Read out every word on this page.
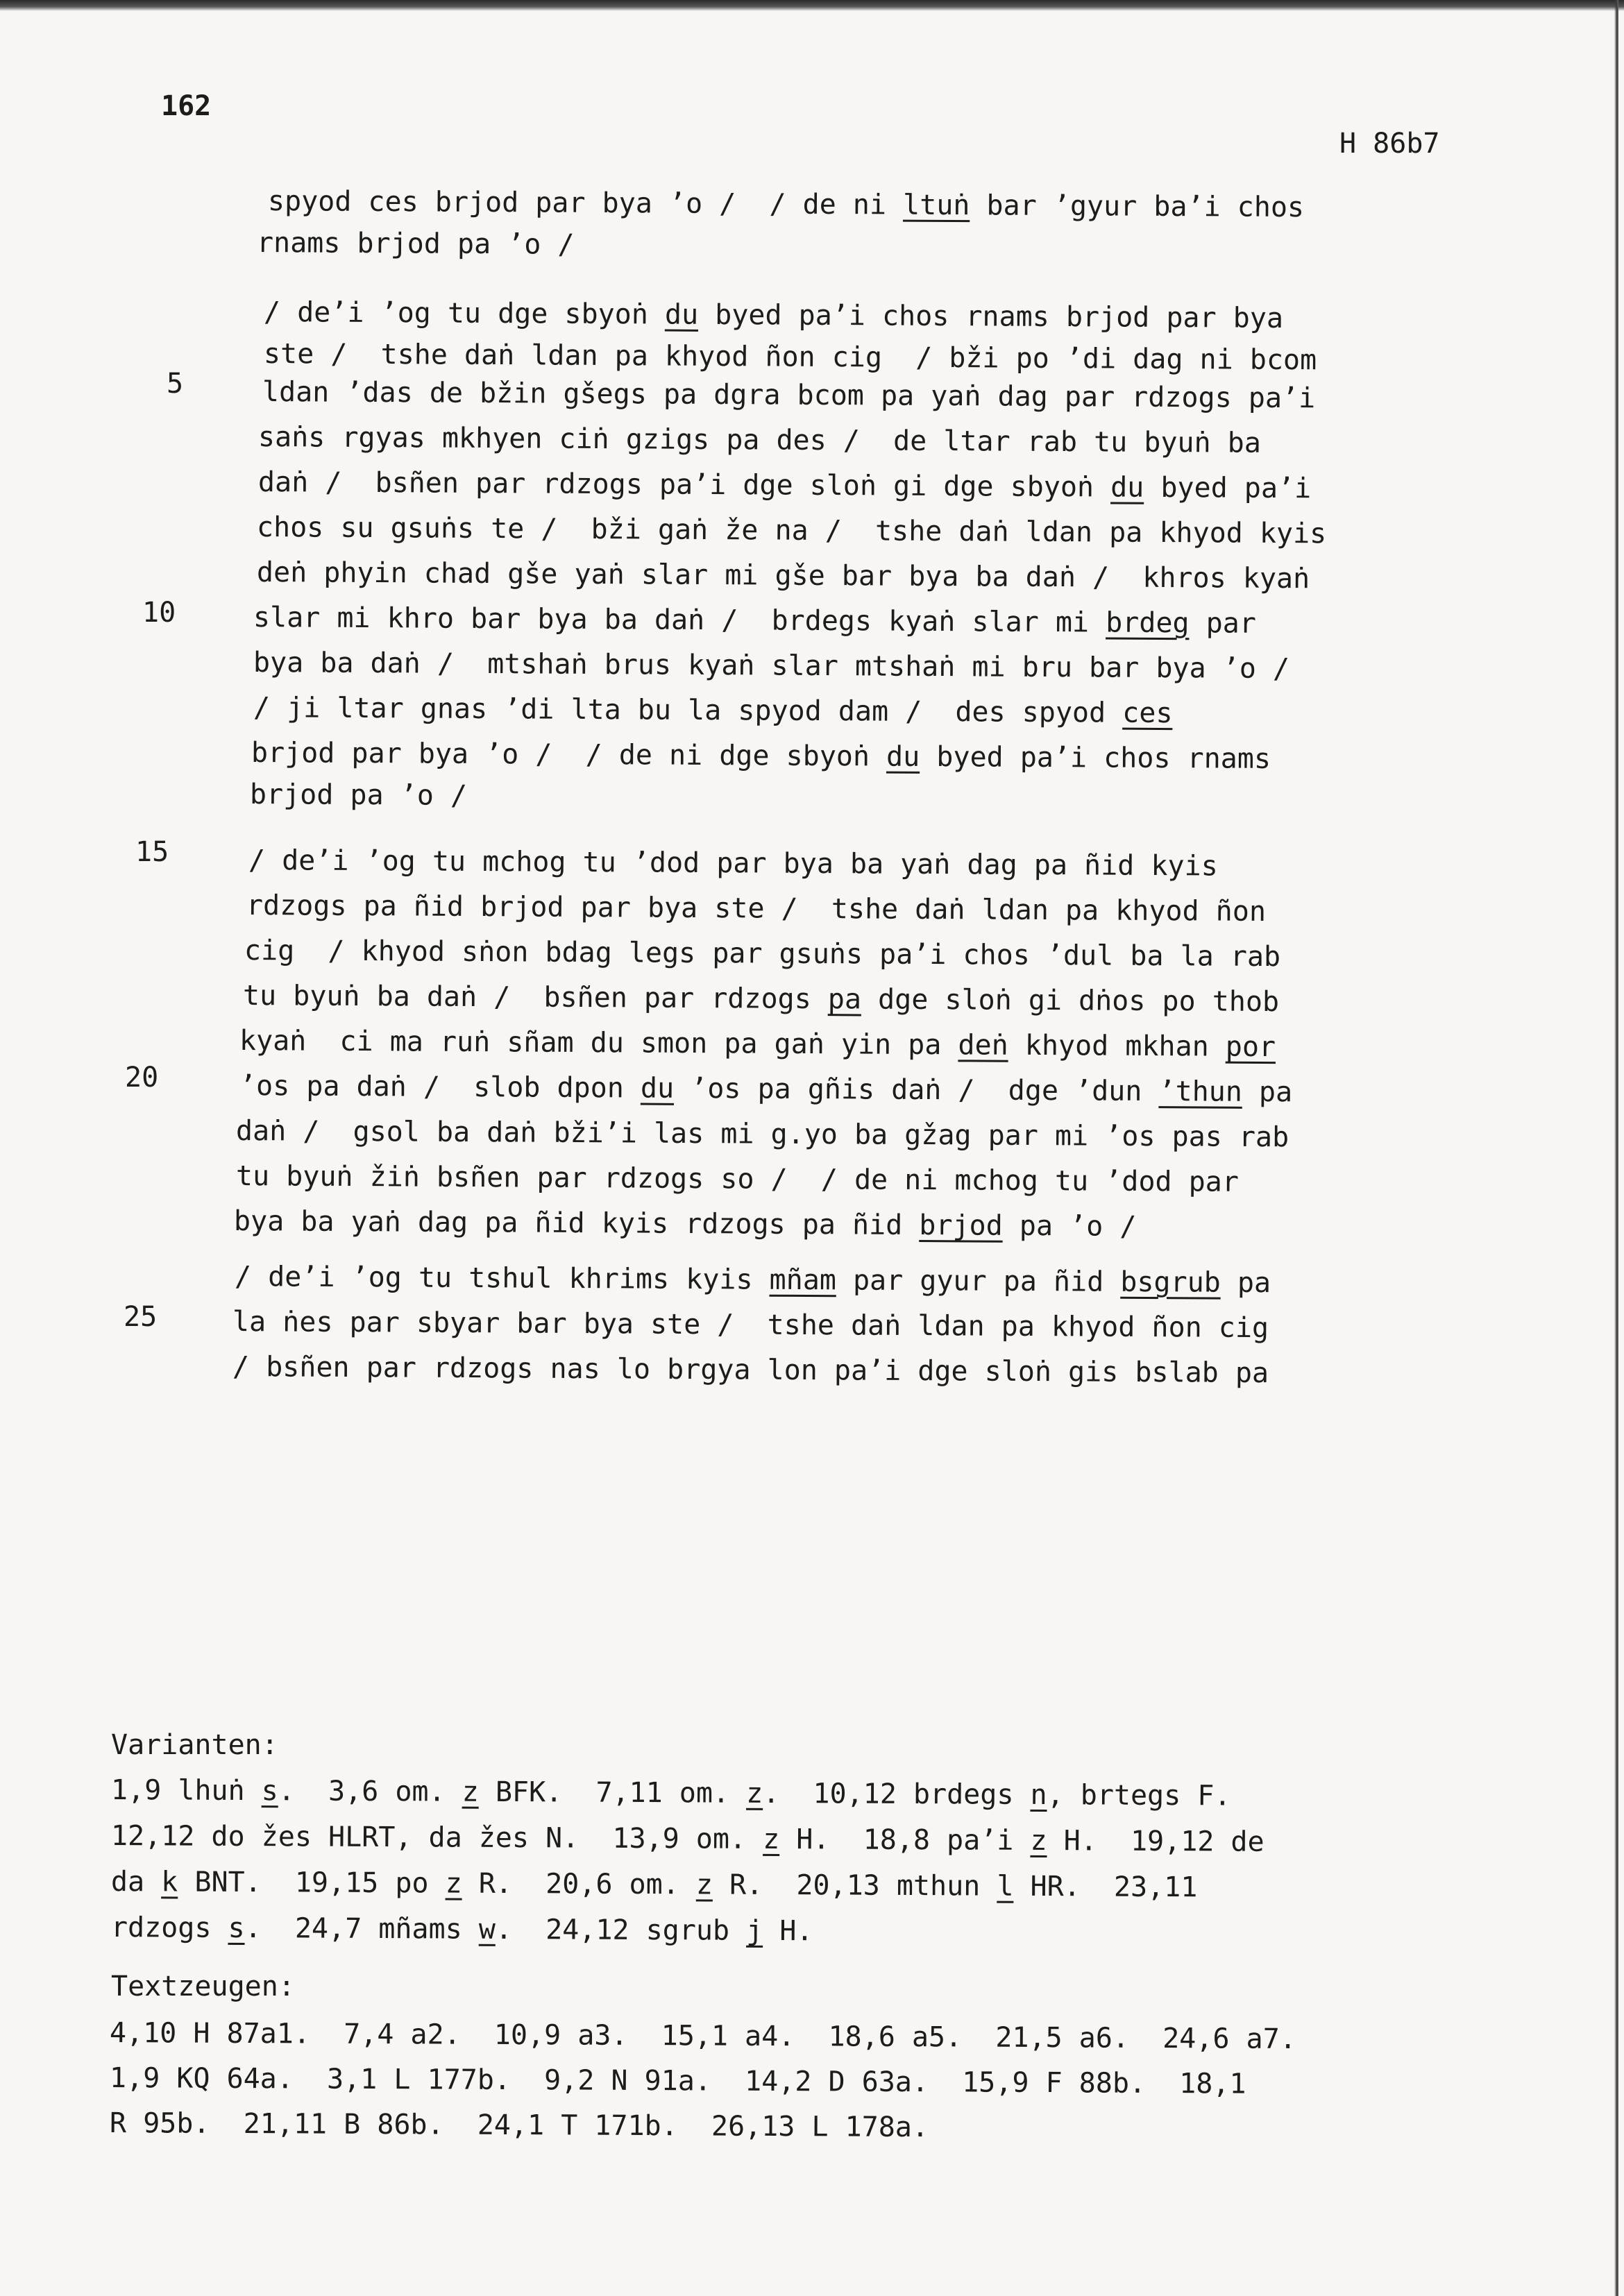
162
H 86b7
5
10
15
20
25
spyod ces brjod par bya ’o /  / de ni ltuṅ bar ’gyur ba’i chos
rnams brjod pa ’o /
/ de’i ’og tu dge sbyoṅ du byed pa’i chos rnams brjod par bya
ste /  tshe daṅ ldan pa khyod ñon cig  / bži po ’di dag ni bcom
ldan ’das de bžin gšegs pa dgra bcom pa yaṅ dag par rdzogs pa’i
saṅs rgyas mkhyen ciṅ gzigs pa des /  de ltar rab tu byuṅ ba
daṅ /  bsñen par rdzogs pa’i dge sloṅ gi dge sbyoṅ du byed pa’i
chos su gsuṅs te /  bži gaṅ že na /  tshe daṅ ldan pa khyod kyis
deṅ phyin chad gše yaṅ slar mi gše bar bya ba daṅ /  khros kyaṅ
slar mi khro bar bya ba daṅ /  brdegs kyaṅ slar mi brdeg par
bya ba daṅ /  mtshaṅ brus kyaṅ slar mtshaṅ mi bru bar bya ’o /
/ ji ltar gnas ’di lta bu la spyod dam /  des spyod ces
brjod par bya ’o /  / de ni dge sbyoṅ du byed pa’i chos rnams
brjod pa ’o /
/ de’i ’og tu mchog tu ’dod par bya ba yaṅ dag pa ñid kyis
rdzogs pa ñid brjod par bya ste /  tshe daṅ ldan pa khyod ñon
cig  / khyod sṅon bdag legs par gsuṅs pa’i chos ’dul ba la rab
tu byuṅ ba daṅ /  bsñen par rdzogs pa dge sloṅ gi dṅos po thob
kyaṅ  ci ma ruṅ sñam du smon pa gaṅ yin pa deṅ khyod mkhan por
’os pa daṅ /  slob dpon du ’os pa gñis daṅ /  dge ’dun ’thun pa
daṅ /  gsol ba daṅ bži’i las mi g.yo ba gžag par mi ’os pas rab
tu byuṅ žiṅ bsñen par rdzogs so /  / de ni mchog tu ’dod par
bya ba yaṅ dag pa ñid kyis rdzogs pa ñid brjod pa ’o /
/ de’i ’og tu tshul khrims kyis mñam par gyur pa ñid bsgrub pa
la ṅes par sbyar bar bya ste /  tshe daṅ ldan pa khyod ñon cig
/ bsñen par rdzogs nas lo brgya lon pa’i dge sloṅ gis bslab pa
Varianten:
1,9 lhuṅ s.  3,6 om. z BFK.  7,11 om. z.  10,12 brdegs n, brtegs F.
12,12 do žes HLRT, da žes N.  13,9 om. z H.  18,8 pa’i z H.  19,12 de
da k BNT.  19,15 po z R.  20,6 om. z R.  20,13 mthun l HR.  23,11
rdzogs s.  24,7 mñams w.  24,12 sgrub j H.
Textzeugen:
4,10 H 87a1.  7,4 a2.  10,9 a3.  15,1 a4.  18,6 a5.  21,5 a6.  24,6 a7.
1,9 KQ 64a.  3,1 L 177b.  9,2 N 91a.  14,2 D 63a.  15,9 F 88b.  18,1
R 95b.  21,11 B 86b.  24,1 T 171b.  26,13 L 178a.
